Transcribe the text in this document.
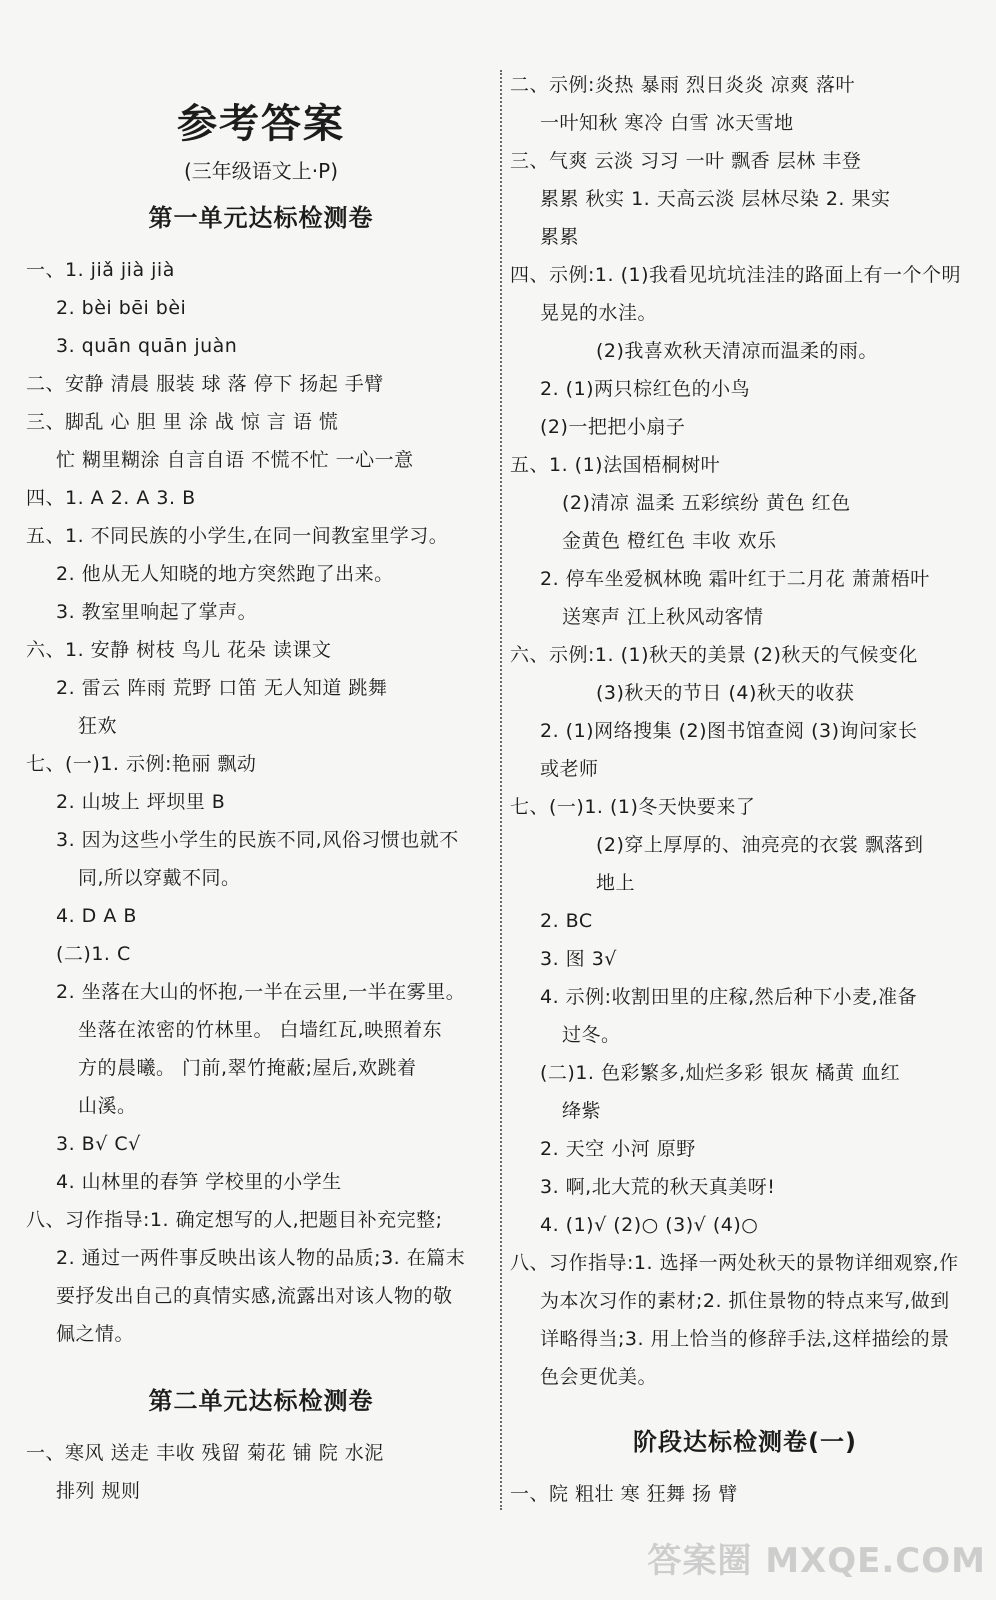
参考答案
(三年级语文上·P)
第一单元达标检测卷
一、1. jiǎ jià jià
2. bèi bēi bèi
3. quān quān juàn
二、安静 清晨 服装 球 落 停下 扬起 手臂
三、脚乱 心 胆 里 涂 战 惊 言 语 慌
忙 糊里糊涂 自言自语 不慌不忙 一心一意
四、1. A 2. A 3. B
五、1. 不同民族的小学生,在同一间教室里学习。
2. 他从无人知晓的地方突然跑了出来。
3. 教室里响起了掌声。
六、1. 安静 树枝 鸟儿 花朵 读课文
2. 雷云 阵雨 荒野 口笛 无人知道 跳舞
狂欢
七、(一)1. 示例:艳丽 飘动
2. 山坡上 坪坝里 B
3. 因为这些小学生的民族不同,风俗习惯也就不
同,所以穿戴不同。
4. D A B
(二)1. C
2. 坐落在大山的怀抱,一半在云里,一半在雾里。
坐落在浓密的竹林里。 白墙红瓦,映照着东
方的晨曦。 门前,翠竹掩蔽;屋后,欢跳着
山溪。
3. B√ C√
4. 山林里的春笋 学校里的小学生
八、习作指导:1. 确定想写的人,把题目补充完整;
2. 通过一两件事反映出该人物的品质;3. 在篇末
要抒发出自己的真情实感,流露出对该人物的敬
佩之情。
第二单元达标检测卷
一、寒风 送走 丰收 残留 菊花 铺 院 水泥
排列 规则
二、示例:炎热 暴雨 烈日炎炎 凉爽 落叶
一叶知秋 寒冷 白雪 冰天雪地
三、气爽 云淡 习习 一叶 飘香 层林 丰登
累累 秋实 1. 天高云淡 层林尽染 2. 果实
累累
四、示例:1. (1)我看见坑坑洼洼的路面上有一个个明
晃晃的水洼。
(2)我喜欢秋天清凉而温柔的雨。
2. (1)两只棕红色的小鸟
(2)一把把小扇子
五、1. (1)法国梧桐树叶
(2)清凉 温柔 五彩缤纷 黄色 红色
金黄色 橙红色 丰收 欢乐
2. 停车坐爱枫林晚 霜叶红于二月花 萧萧梧叶
送寒声 江上秋风动客情
六、示例:1. (1)秋天的美景 (2)秋天的气候变化
(3)秋天的节日 (4)秋天的收获
2. (1)网络搜集 (2)图书馆查阅 (3)询问家长
或老师
七、(一)1. (1)冬天快要来了
(2)穿上厚厚的、油亮亮的衣裳 飘落到
地上
2. BC
3. 图 3√
4. 示例:收割田里的庄稼,然后种下小麦,准备
过冬。
(二)1. 色彩繁多,灿烂多彩 银灰 橘黄 血红
绛紫
2. 天空 小河 原野
3. 啊,北大荒的秋天真美呀!
4. (1)√ (2)○ (3)√ (4)○
八、习作指导:1. 选择一两处秋天的景物详细观察,作
为本次习作的素材;2. 抓住景物的特点来写,做到
详略得当;3. 用上恰当的修辞手法,这样描绘的景
色会更优美。
阶段达标检测卷(一)
一、院 粗壮 寒 狂舞 扬 臂
答案圈 MXQE.COM
